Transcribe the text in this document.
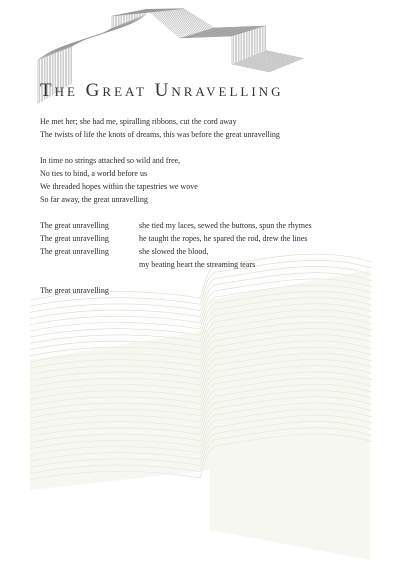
The Great Unravelling
He met her; she had me, spiralling ribbons, cut the cord away
The twists of life the knots of dreams, this was before the great unravelling
In time no strings attached so wild and free,
No ties to bind, a world before us
We threaded hopes within the tapestries we wove
So far away, the great unravelling
The great unravelling	she tied my laces, sewed the buttons, spun the rhymes
The great unravelling	he taught the ropes, he spared the rod, drew the lines
The great unravelling	she slowed the blood,
my beating heart the streaming tears
The great unravelling
